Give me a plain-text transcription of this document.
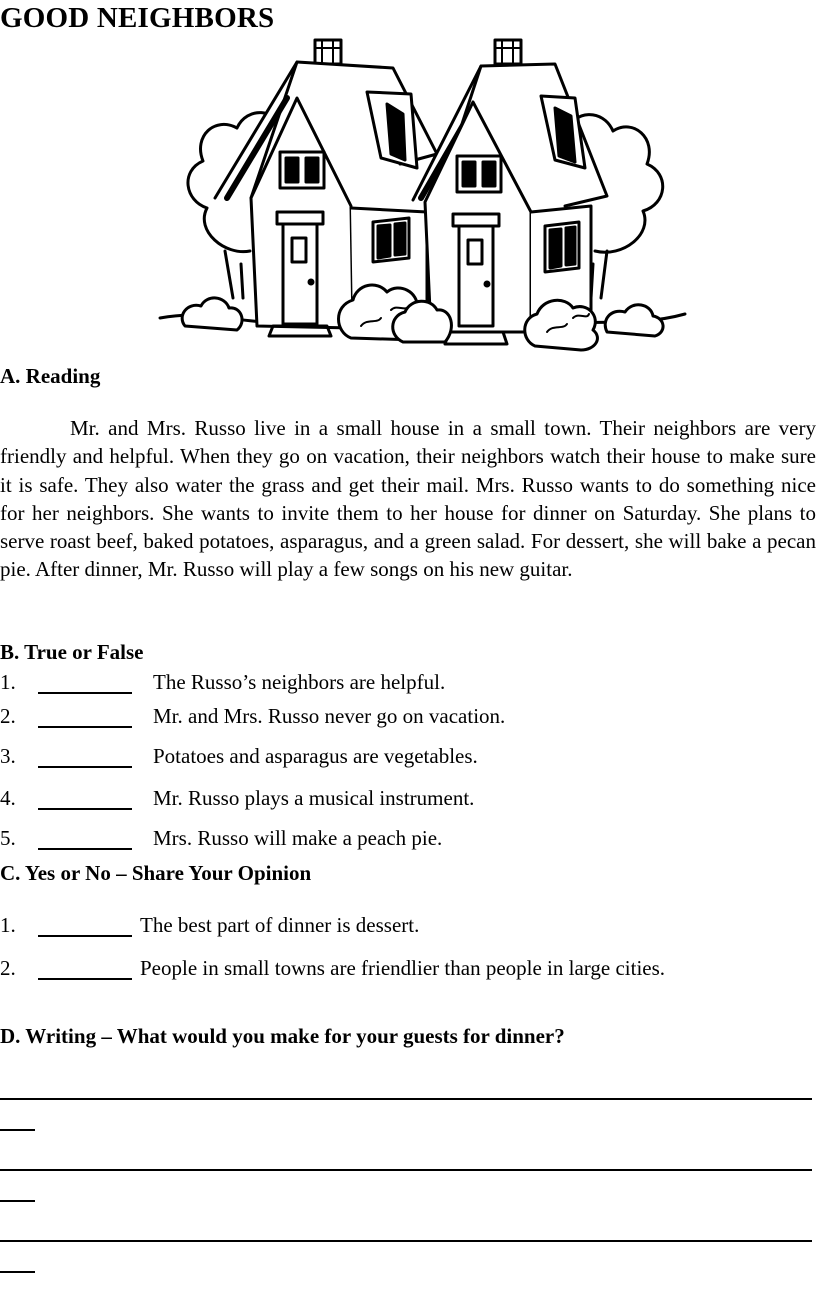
GOOD NEIGHBORS
A. Reading

Mr. and Mrs. Russo live in a small house in a small town. Their neighbors are very friendly and helpful. When they go on vacation, their neighbors watch their house to make sure it is safe. They also water the grass and get their mail. Mrs. Russo wants to do something nice for her neighbors. She wants to invite them to her house for dinner on Saturday. She plans to serve roast beef, baked potatoes, asparagus, and a green salad. For dessert, she will bake a pecan pie. After dinner, Mr. Russo will play a few songs on his new guitar.

B. True or False
1.	The Russo’s neighbors are helpful.
2.	Mr. and Mrs. Russo never go on vacation.
3.	Potatoes and asparagus are vegetables.
4.	Mr. Russo plays a musical instrument.
5.	Mrs. Russo will make a peach pie.
C. Yes or No – Share Your Opinion
1.	The best part of dinner is dessert.
2.	People in small towns are friendlier than people in large cities.
D. Writing – What would you make for your guests for dinner?
